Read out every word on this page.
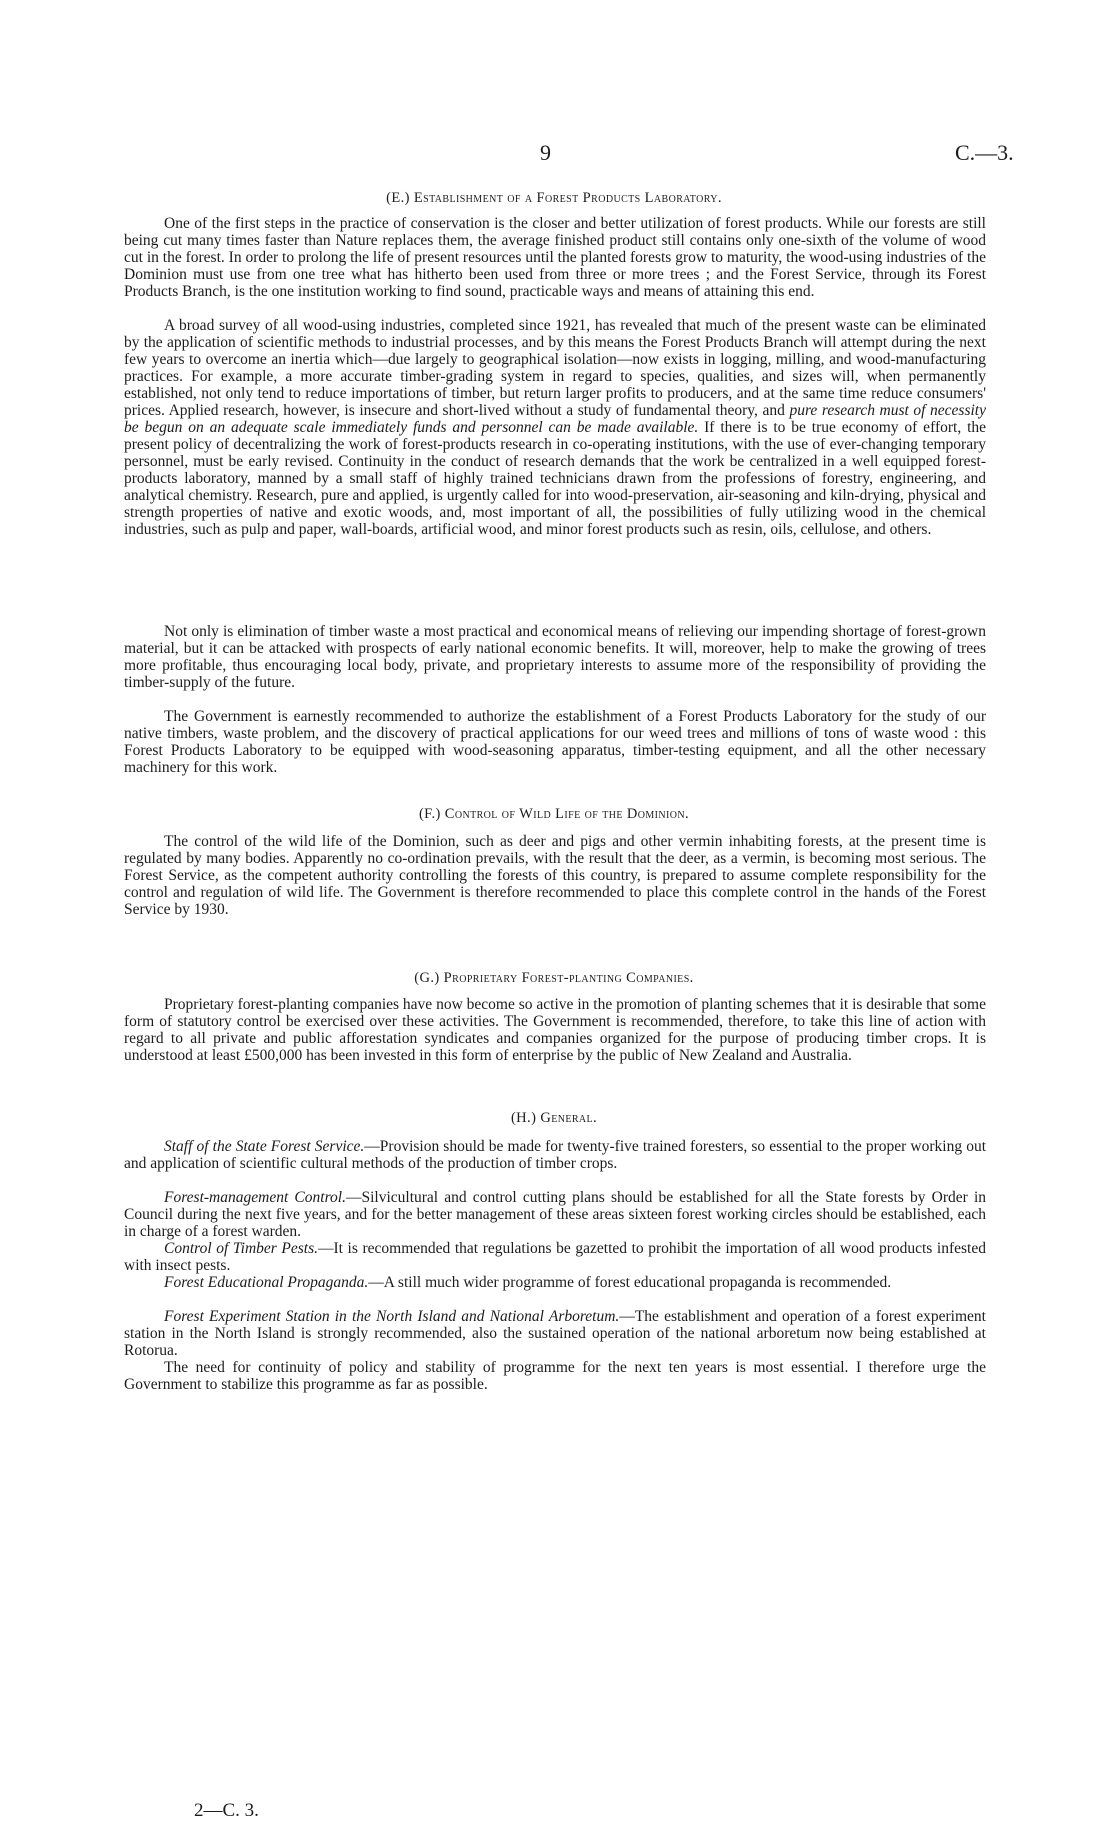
9	C.—3.
(E.) Establishment of a Forest Products Laboratory.

One of the first steps in the practice of conservation is the closer and better utilization of forest products. While our forests are still being cut many times faster than Nature replaces them, the average finished product still contains only one-sixth of the volume of wood cut in the forest. In order to prolong the life of present resources until the planted forests grow to maturity, the wood-using industries of the Dominion must use from one tree what has hitherto been used from three or more trees ; and the Forest Service, through its Forest Products Branch, is the one institution working to find sound, practicable ways and means of attaining this end.

A broad survey of all wood-using industries, completed since 1921, has revealed that much of the present waste can be eliminated by the application of scientific methods to industrial processes, and by this means the Forest Products Branch will attempt during the next few years to overcome an inertia which—due largely to geographical isolation—now exists in logging, milling, and wood-manufacturing practices. For example, a more accurate timber-grading system in regard to species, qualities, and sizes will, when permanently established, not only tend to reduce importations of timber, but return larger profits to producers, and at the same time reduce consumers' prices. Applied research, however, is insecure and short-lived without a study of fundamental theory, and pure research must of necessity be begun on an adequate scale immediately funds and personnel can be made available. If there is to be true economy of effort, the present policy of decentralizing the work of forest-products research in co-operating institutions, with the use of ever-changing temporary personnel, must be early revised. Continuity in the conduct of research demands that the work be centralized in a well equipped forest-products laboratory, manned by a small staff of highly trained technicians drawn from the professions of forestry, engineering, and analytical chemistry. Research, pure and applied, is urgently called for into wood-preservation, air-seasoning and kiln-drying, physical and strength properties of native and exotic woods, and, most important of all, the possibilities of fully utilizing wood in the chemical industries, such as pulp and paper, wall-boards, artificial wood, and minor forest products such as resin, oils, cellulose, and others.

Not only is elimination of timber waste a most practical and economical means of relieving our impending shortage of forest-grown material, but it can be attacked with prospects of early national economic benefits. It will, moreover, help to make the growing of trees more profitable, thus encouraging local body, private, and proprietary interests to assume more of the responsibility of providing the timber-supply of the future.

The Government is earnestly recommended to authorize the establishment of a Forest Products Laboratory for the study of our native timbers, waste problem, and the discovery of practical applications for our weed trees and millions of tons of waste wood : this Forest Products Laboratory to be equipped with wood-seasoning apparatus, timber-testing equipment, and all the other necessary machinery for this work.

(F.) Control of Wild Life of the Dominion.

The control of the wild life of the Dominion, such as deer and pigs and other vermin inhabiting forests, at the present time is regulated by many bodies. Apparently no co-ordination prevails, with the result that the deer, as a vermin, is becoming most serious. The Forest Service, as the competent authority controlling the forests of this country, is prepared to assume complete responsibility for the control and regulation of wild life. The Government is therefore recommended to place this complete control in the hands of the Forest Service by 1930.

(G.) Proprietary Forest-planting Companies.

Proprietary forest-planting companies have now become so active in the promotion of planting schemes that it is desirable that some form of statutory control be exercised over these activities. The Government is recommended, therefore, to take this line of action with regard to all private and public afforestation syndicates and companies organized for the purpose of producing timber crops. It is understood at least £500,000 has been invested in this form of enterprise by the public of New Zealand and Australia.

(H.) General.

Staff of the State Forest Service.—Provision should be made for twenty-five trained foresters, so essential to the proper working out and application of scientific cultural methods of the production of timber crops.

Forest-management Control.—Silvicultural and control cutting plans should be established for all the State forests by Order in Council during the next five years, and for the better management of these areas sixteen forest working circles should be established, each in charge of a forest warden.

Control of Timber Pests.—It is recommended that regulations be gazetted to prohibit the importation of all wood products infested with insect pests.

Forest Educational Propaganda.—A still much wider programme of forest educational propaganda is recommended.

Forest Experiment Station in the North Island and National Arboretum.—The establishment and operation of a forest experiment station in the North Island is strongly recommended, also the sustained operation of the national arboretum now being established at Rotorua.

The need for continuity of policy and stability of programme for the next ten years is most essential. I therefore urge the Government to stabilize this programme as far as possible.

2—C. 3.
